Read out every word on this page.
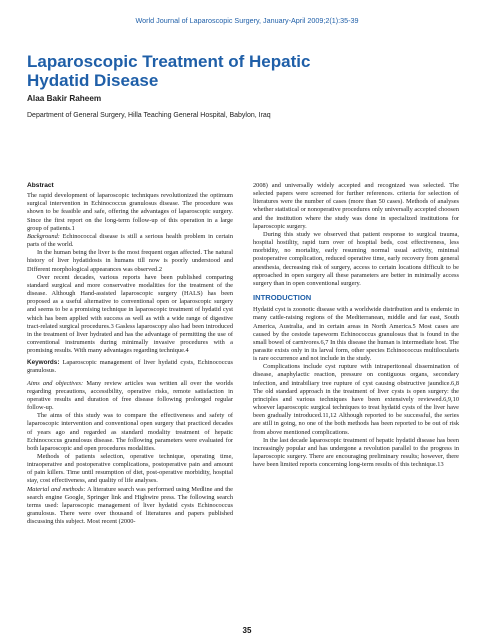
World Journal of Laparoscopic Surgery, January-April 2009;2(1):35-39
Laparoscopic Treatment of Hepatic
Hydatid Disease
Alaa Bakir Raheem
Department of General Surgery, Hilla Teaching General Hospital, Babylon, Iraq

Abstract

The rapid development of laparoscopic techniques revolutionized the optimum surgical intervention in Echinococcus granulosus disease. The procedure was shown to be feasible and safe, offering the advantages of laparoscopic surgery. Since the first report on the long-term follow-up of this operation in a large group of patients.1

Background: Echinococcal disease is still a serious health problem in certain parts of the world.

In the human being the liver is the most frequent organ affected. The natural history of liver hydatidosis in humans till now is poorly understood and Different morphological appearances was observed.2

Over recent decades, various reports have been published comparing standard surgical and more conservative modalities for the treatment of the disease. Although Hand-assisted laparoscopic surgery (HALS) has been proposed as a useful alternative to conventional open or laparoscopic surgery and seems to be a promising technique in laparoscopic treatment of hydatid cyst which has been applied with success as well as with a wide range of digestive tract-related surgical procedures.3 Gasless laparoscopy also had been introduced in the treatment of liver hydrated and has the advantage of permitting the use of conventional instruments during minimally invasive procedures with a promising results. With many advantages regarding technique.4

Keywords: Laparoscopic management of liver hydatid cysts, Echinococcus granulosus.

Aims and objectives: Many review articles was written all over the worlds regarding precautions, accessibility, operative risks, remote satisfaction in operative results and duration of free disease following prolonged regular follow-up.

The aims of this study was to compare the effectiveness and safety of laparoscopic intervention and conventional open surgery that practiced decades of years ago and regarded as standard modality treatment of hepatic Echinococcus granulosus disease. The following parameters were evaluated for both laparoscopic and open procedures modalities.

Methods of patients selection, operative technique, operating time, intraoperative and postoperative complications, postoperative pain and amount of pain killers. Time until resumption of diet, post-operative morbidity, hospital stay, cost effectiveness, and quality of life analyses.

Material and methods: A literature search was performed using Medline and the search engine Google, Springer link and Highwire press. The following search terms used: laparoscopic management of liver hydatid cysts Echinococcus granulosus. There were over thousand of literatures and papers published discussing this subject. Most recent (2000-

2008) and universally widely accepted and recognized was selected. The selected papers were screened for further references. criteria for selection of literatures were the number of cases (more than 50 cases). Methods of analyses whether statistical or nonoperative procedures only universally accepted choosen and the institution where the study was done in specialized institutions for laparoscopic surgery.

During this study we observed that patient response to surgical trauma, hospital hostility, rapid turn over of hospital beds, cost effectiveness, less morbidity, no mortality, early resuming normal usual activity, minimal postoperative complication, reduced operative time, early recovery from general anesthesia, decreasing risk of surgery, access to certain locations difficult to be approached in open surgery all these parameters are better in minimally access surgery than in open conventional surgery.

INTRODUCTION

Hydatid cyst is zoonotic disease with a worldwide distribution and is endemic in many cattle-raising regions of the Mediterranean, middle and far east, South America, Australia, and in certain areas in North America.5 Most cases are caused by the cestode tapeworm Echinococcus granulosus that is found in the small bowel of carnivores.6,7 In this disease the human is intermediate host. The parasite exists only in its larval form, other species Echinococcus multilocularis is rare occurrence and not include in the study.

Complications include cyst rupture with intraperitoneal dissemination of disease, anaphylactic reaction, pressure on contiguous organs, secondary infection, and intrabiliary tree rupture of cyst causing obstructive jaundice.6,8 The old standard approach in the treatment of liver cysts is open surgery: the principles and various techniques have been extensively reviewed.6,9,10 whoever laparoscopic surgical techniques to treat hydatid cysts of the liver have been gradually introduced.11,12 Although reported to be successful, the series are still in going, no one of the both methods has been reported to be out of risk from above mentioned complications.

In the last decade laparoscopic treatment of hepatic hydatid disease has been increasingly popular and has undergone a revolution parallel to the progress in laparoscopic surgery. There are encouraging preliminary results; however, there have been limited reports concerning long-term results of this technique.13

35
